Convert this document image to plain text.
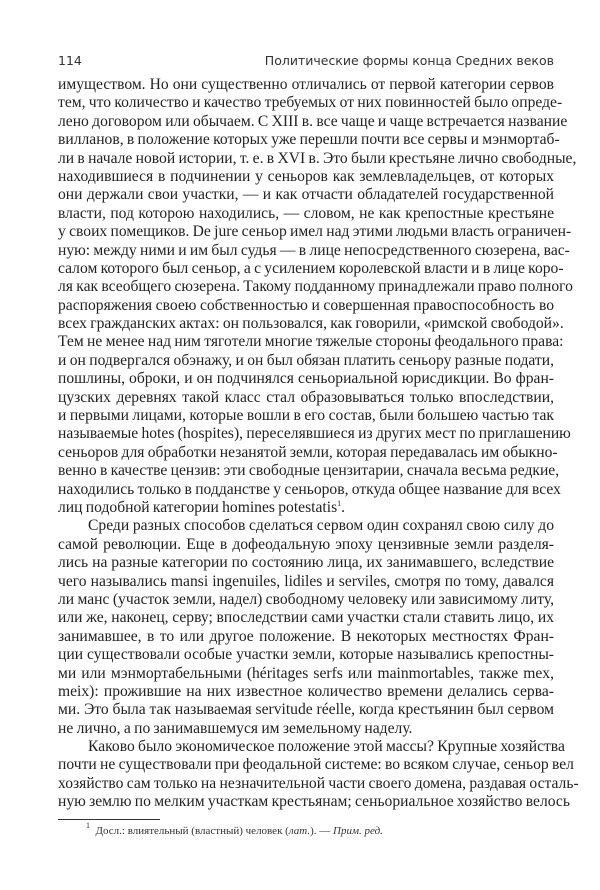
114	Политические формы конца Средних веков
имуществом. Но они существенно отличались от первой категории сервов
тем, что количество и качество требуемых от них повинностей было опреде-
лено договором или обычаем. С XIII в. все чаще и чаще встречается название
вилланов, в положение которых уже перешли почти все сервы и мэнмортаб-
ли в начале новой истории, т. е. в XVI в. Это были крестьяне лично свободные,
находившиеся в подчинении у сеньоров как землевладельцев, от которых
они держали свои участки, — и как отчасти обладателей государственной
власти, под которою находились, — словом, не как крепостные крестьяне
у своих помещиков. De jure сеньор имел над этими людьми власть ограничен-
ную: между ними и им был судья — в лице непосредственного сюзерена, вас-
салом которого был сеньор, а с усилением королевской власти и в лице коро-
ля как всеобщего сюзерена. Такому подданному принадлежали право полного
распоряжения своею собственностью и совершенная правоспособность во
всех гражданских актах: он пользовался, как говорили, «римской свободой».
Тем не менее над ним тяготели многие тяжелые стороны феодального права:
и он подвергался обэнажу, и он был обязан платить сеньору разные подати,
пошлины, оброки, и он подчинялся сеньориальной юрисдикции. Во фран-
цузских деревнях такой класс стал образовываться только впоследствии,
и первыми лицами, которые вошли в его состав, были большею частью так
называемые hotes (hospites), переселявшиеся из других мест по приглашению
сеньоров для обработки незанятой земли, которая передавалась им обыкно-
венно в качестве цензив: эти свободные цензитарии, сначала весьма редкие,
находились только в подданстве у сеньоров, откуда общее название для всех
лиц подобной категории homines potestatis$^1$.
Среди разных способов сделаться сервом один сохранял свою силу до
самой революции. Еще в дофеодальную эпоху цензивные земли разделя-
лись на разные категории по состоянию лица, их занимавшего, вследствие
чего назывались mansi ingenuiles, lidiles и serviles, смотря по тому, давался
ли манс (участок земли, надел) свободному человеку или зависимому литу,
или же, наконец, серву; впоследствии сами участки стали ставить лицо, их
занимавшее, в то или другое положение. В некоторых местностях Фран-
ции существовали особые участки земли, которые назывались крепостны-
ми или мэнмортабельными (héritages serfs или mainmortables, также mex,
meix): прожившие на них известное количество времени делались серва-
ми. Это была так называемая servitude réelle, когда крестьянин был сервом
не лично, а по занимавшемуся им земельному наделу.
Каково было экономическое положение этой массы? Крупные хозяйства
почти не существовали при феодальной системе: во всяком случае, сеньор вел
хозяйство сам только на незначительной части своего домена, раздавая осталь-
ную землю по мелким участкам крестьянам; сеньориальное хозяйство велось
$^1$ Досл.: влиятельный (властный) человек (лат.). — Прим. ред.
